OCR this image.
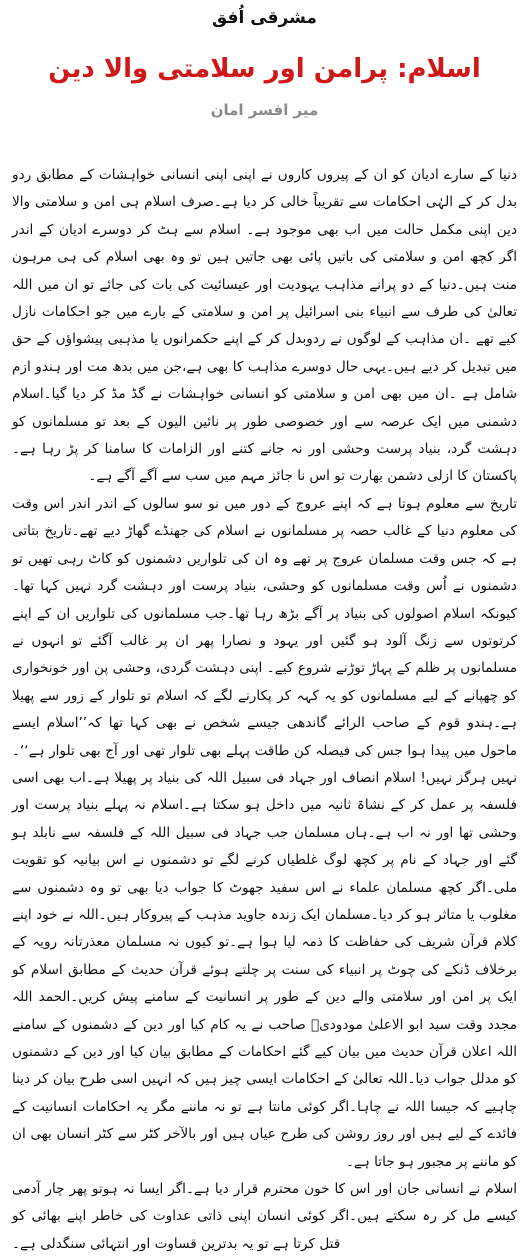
مشرقی اُفق
اسلام: پرامن اور سلامتی والا دین
میر افسر امان

دنیا کے سارے ادیان کو ان کے پیروں کاروں نے اپنی اپنی انسانی خواہشات کے مطابق ردو بدل کر کے الہٰی احکامات سے تقریباً خالی کر دیا ہے۔صرف اسلام ہی امن و سلامتی والا دین اپنی مکمل حالت میں اب بھی موجود ہے۔ اسلام سے ہٹ کر دوسرے ادیان کے اندر اگر کچھ امن و سلامتی کی باتیں پائی بھی جاتیں ہیں تو وہ بھی اسلام کی ہی مرہون منت ہیں۔دنیا کے دو پرانے مذاہب یہودیت اور عیسائیت کی بات کی جائے تو ان میں اللہ تعالیٰ کی طرف سے انبیاء بنی اسرائیل پر امن و سلامتی کے بارے میں جو احکامات نازل کیے تھے ۔ان مذاہب کے لوگوں نے ردوبدل کر کے اپنے حکمرانوں یا مذہبی پیشواؤں کے حق میں تبدیل کر دیے ہیں۔یہی حال دوسرے مذاہب کا بھی ہے،جن میں بدھ مت اور ہندو ازم شامل ہے ۔ان میں بھی امن و سلامتی کو انسانی خواہشات نے گڈ مڈ کر دیا گیا۔اسلام دشمنی میں ایک عرصہ سے اور خصوصی طور پر نائین الیون کے بعد تو مسلمانوں کو دہشت گرد، بنیاد پرست وحشی اور نہ جانے کتنے اور الزامات کا سامنا کر پڑ رہا ہے۔پاکستان کا ازلی دشمن بھارت تو اس نا جائز مہم میں سب سے آگے آگے ہے۔

تاریخ سے معلوم ہوتا ہے کہ اپنے عروج کے دور میں نو سو سالوں کے اندر اندر اس وقت کی معلوم دنیا کے غالب حصہ پر مسلمانوں نے اسلام کی جھنڈے گھاڑ دیے تھے۔تاریخ بتاتی ہے کہ جس وقت مسلمان عروج پر تھے وہ ان کی تلواریں دشمنوں کو کاٹ رہی تھیں تو دشمنوں نے اُس وقت مسلمانوں کو وحشی، بنیاد پرست اور دہشت گرد نہیں کہا تھا۔کیونکہ اسلام اصولوں کی بنیاد پر آگے بڑھ رہا تھا۔جب مسلمانوں کی تلواریں ان کے اپنے کرتوتوں سے زنگ آلود ہو گئیں اور یہود و نصارا پھر ان پر غالب آگئے تو انہوں نے مسلمانوں پر ظلم کے پہاڑ توڑنے شروع کیے۔ اپنی دہشت گردی، وحشی پن اور خونخواری کو چھپانے کے لیے مسلمانوں کو یہ کہہ کر پکارنے لگے کہ اسلام تو تلوار کے زور سے پھیلا ہے۔ہندو قوم کے صاحب الرائے گاندھی جیسے شخص نے بھی کہا تھا کہ’’اسلام ایسے ماحول میں پیدا ہوا جس کی فیصلہ کن طاقت پہلے بھی تلوار تھی اور آج بھی تلوار ہے‘‘۔نہیں ہرگز نہیں! اسلام انصاف اور جہاد فی سبیل اللہ کی بنیاد پر پھیلا ہے۔اب بھی اسی فلسفہ پر عمل کر کے نشاۃ ثانیہ میں داخل ہو سکتا ہے۔اسلام نہ پہلے بنیاد پرست اور وحشی تھا اور نہ اب ہے۔ہاں مسلمان جب جہاد فی سبیل اللہ کے فلسفہ سے نابلد ہو گئے اور جہاد کے نام پر کچھ لوگ غلطیاں کرنے لگے تو دشمنوں نے اس بیانیہ کو تقویت ملی۔اگر کچھ مسلمان علماء نے اس سفید جھوٹ کا جواب دیا بھی تو وہ دشمنوں سے مغلوب یا متاثر ہو کر دیا۔مسلمان ایک زندہ جاوید مذہب کے پیروکار ہیں۔اللہ نے خود اپنے کلام قرآن شریف کی حفاظت کا ذمہ لیا ہوا ہے۔تو کیوں نہ مسلمان معذرتانہ رویہ کے برخلاف ڈنکے کی چوٹ پر انبیاء کی سنت پر چلتے ہوئے قرآن حدیث کے مطابق اسلام کو ایک پر امن اور سلامتی والے دین کے طور پر انسانیت کے سامنے پیش کریں۔الحمد اللہ مجدد وقت سید ابو الاعلیٰ مودودیؒ صاحب نے یہ کام کیا اور دین کے دشمنوں کے سامنے اللہ اعلان قرآن حدیث میں بیان کیے گئے احکامات کے مطابق بیان کیا اور دین کے دشمنوں کو مدلل جواب دیا۔اللہ تعالیٰ کے احکامات ایسی چیز ہیں کہ انہیں اسی طرح بیان کر دینا چاہیے کہ جیسا اللہ نے چاہا۔اگر کوئی مانتا ہے تو نہ ماننے مگر یہ احکامات انسانیت کے فائدے کے لیے ہیں اور روز روشن کی طرح عیاں ہیں اور بالآخر کٹر سے کٹر انسان بھی ان کو ماننے پر مجبور ہو جاتا ہے۔

اسلام نے انسانی جان اور اس کا خون محترم قرار دیا ہے۔اگر ایسا نہ ہوتو پھر چار آدمی کیسے مل کر رہ سکتے ہیں۔اگر کوئی انسان اپنی ذاتی عداوت کی خاطر اپنے بھائی کو قتل کرتا ہے تو یہ بدترین قساوت اور انتہائی سنگدلی ہے۔
